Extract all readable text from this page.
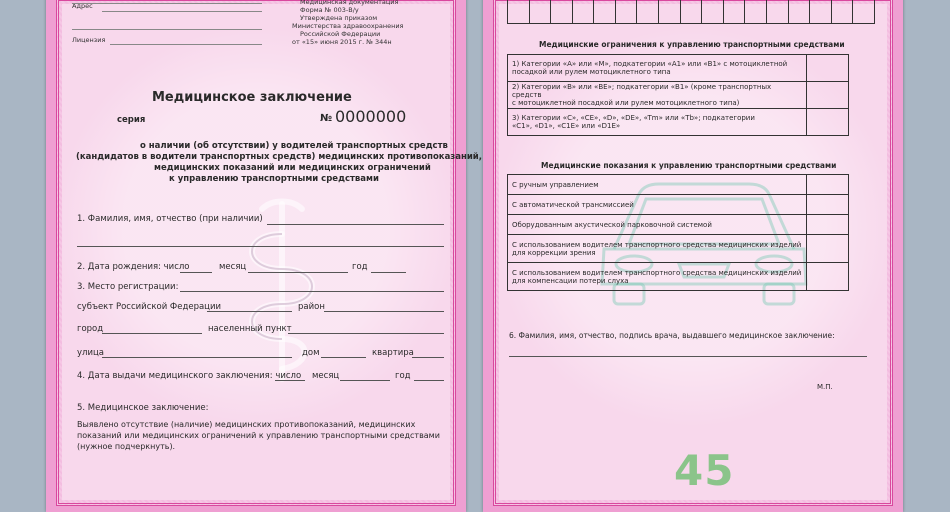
Адрес
Лицензия
Медицинская документация
Форма № 003-В/у
Утверждена приказом
Министерства здравоохранения
Российской Федерации
от «15» июня 2015 г. № 344н
Медицинское заключение
серия	№ 0000000
о наличии (об отсутствии) у водителей транспортных средств
(кандидатов в водители транспортных средств) медицинских противопоказаний,
медицинских показаний или медицинских ограничений
к управлению транспортными средствами
1. Фамилия, имя, отчество (при наличии)
2. Дата рождения: число	месяц	год
3. Место регистрации:
субъект Российской Федерации	район
город	населенный пункт
улица	дом	квартира
4. Дата выдачи медицинского заключения: число месяц	год
5. Медицинское заключение:
Выявлено отсутствие (наличие) медицинских противопоказаний, медицинских
показаний или медицинских ограничений к управлению транспортными средствами
(нужное подчеркнуть).

Медицинские ограничения к управлению транспортными средствами
1) Категории «A» или «M», подкатегории «A1» или «B1» с мотоциклетной
посадкой или рулем мотоциклетного типа	
2) Категории «B» или «BE»; подкатегории «B1» (кроме транспортных средств
с мотоциклетной посадкой или рулем мотоциклетного типа)	
3) Категории «C», «CE», «D», «DE», «Tm» или «Tb»; подкатегории
«C1», «D1», «C1E» или «D1E»	
Медицинские показания к управлению транспортными средствами
С ручным управлением	
С автоматической трансмиссией	
Оборудованным акустической парковочной системой	
С использованием водителем транспортного средства медицинских изделий
для коррекции зрения	
С использованием водителем транспортного средства медицинских изделий
для компенсации потери слуха	
6. Фамилия, имя, отчество, подпись врача, выдавшего медицинское заключение:
М.П.
45
